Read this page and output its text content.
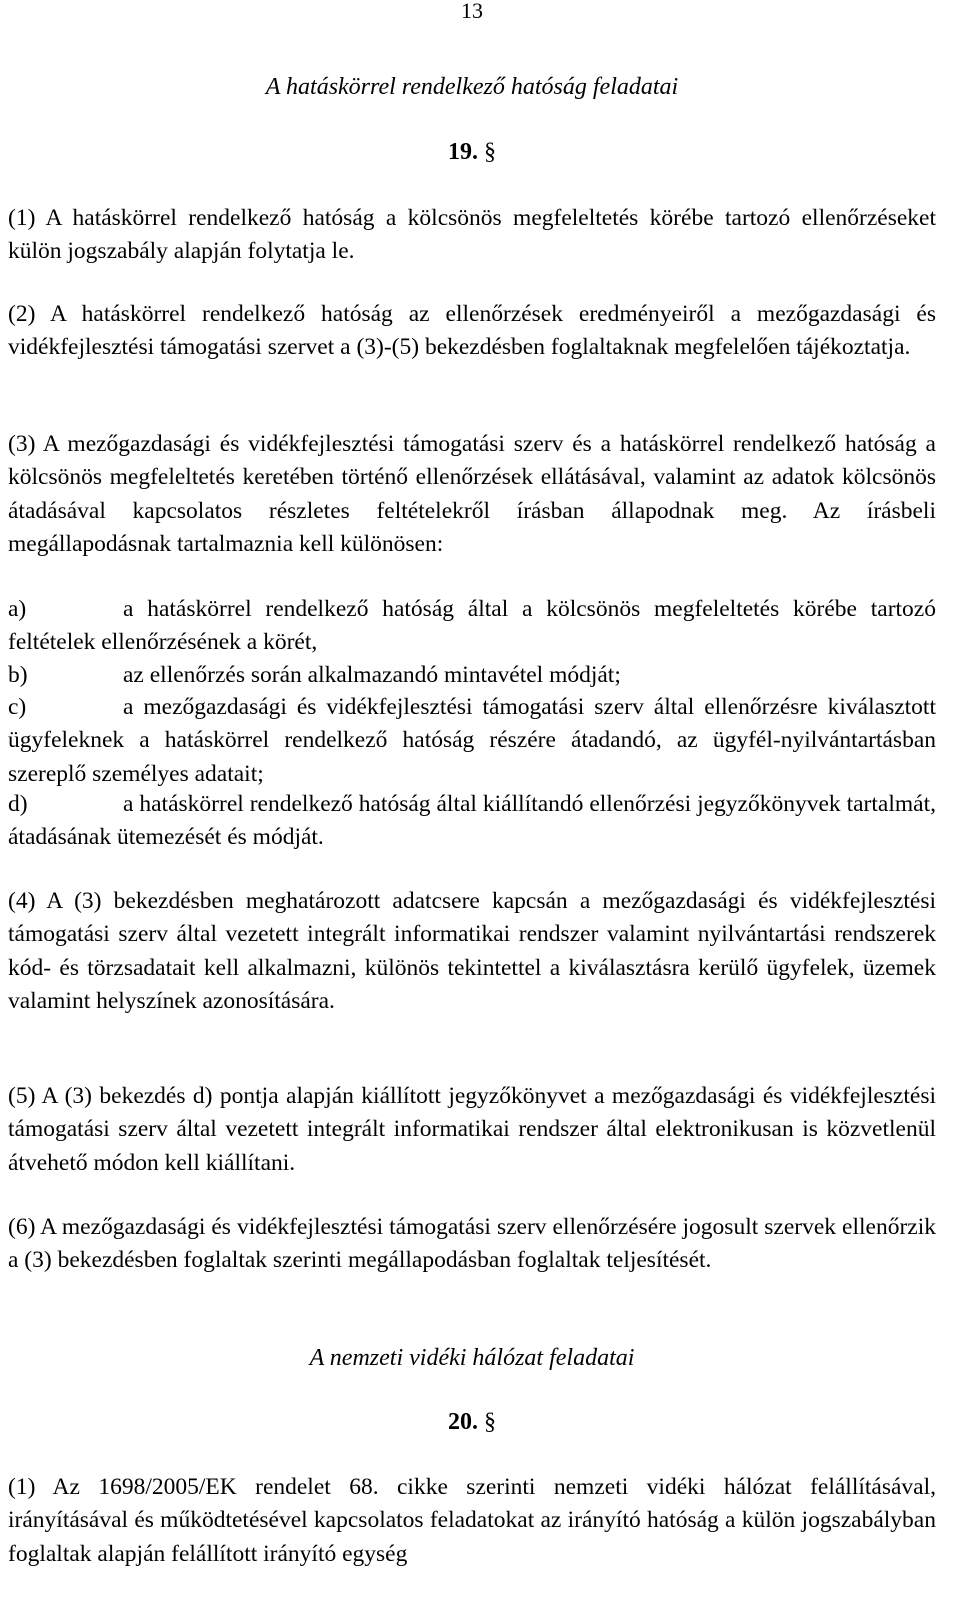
13
A hatáskörrel rendelkező hatóság feladatai
19. §
(1) A hatáskörrel rendelkező hatóság a kölcsönös megfeleltetés körébe tartozó ellenőrzéseket külön jogszabály alapján folytatja le.
(2) A hatáskörrel rendelkező hatóság az ellenőrzések eredményeiről a mezőgazdasági és vidékfejlesztési támogatási szervet a (3)-(5) bekezdésben foglaltaknak megfelelően tájékoztatja.
(3) A mezőgazdasági és vidékfejlesztési támogatási szerv és a hatáskörrel rendelkező hatóság a kölcsönös megfeleltetés keretében történő ellenőrzések ellátásával, valamint az adatok kölcsönös átadásával kapcsolatos részletes feltételekről írásban állapodnak meg. Az írásbeli megállapodásnak tartalmaznia kell különösen:
a)	a hatáskörrel rendelkező hatóság által a kölcsönös megfeleltetés körébe tartozó feltételek ellenőrzésének a körét,
b)	az ellenőrzés során alkalmazandó mintavétel módját;
c)	a mezőgazdasági és vidékfejlesztési támogatási szerv által ellenőrzésre kiválasztott ügyfeleknek a hatáskörrel rendelkező hatóság részére átadandó, az ügyfél-nyilvántartásban szereplő személyes adatait;
d)	a hatáskörrel rendelkező hatóság által kiállítandó ellenőrzési jegyzőkönyvek tartalmát, átadásának ütemezését és módját.
(4) A (3) bekezdésben meghatározott adatcsere kapcsán a mezőgazdasági és vidékfejlesztési támogatási szerv által vezetett integrált informatikai rendszer valamint nyilvántartási rendszerek kód- és törzsadatait kell alkalmazni, különös tekintettel a kiválasztásra kerülő ügyfelek, üzemek valamint helyszínek azonosítására.
(5) A (3) bekezdés d) pontja alapján kiállított jegyzőkönyvet a mezőgazdasági és vidékfejlesztési támogatási szerv által vezetett integrált informatikai rendszer által elektronikusan is közvetlenül átvehető módon kell kiállítani.
(6) A mezőgazdasági és vidékfejlesztési támogatási szerv ellenőrzésére jogosult szervek ellenőrzik a (3) bekezdésben foglaltak szerinti megállapodásban foglaltak teljesítését.
A nemzeti vidéki hálózat feladatai
20. §
(1) Az 1698/2005/EK rendelet 68. cikke szerinti nemzeti vidéki hálózat felállításával, irányításával és működtetésével kapcsolatos feladatokat az irányító hatóság a külön jogszabályban foglaltak alapján felállított irányító egység
